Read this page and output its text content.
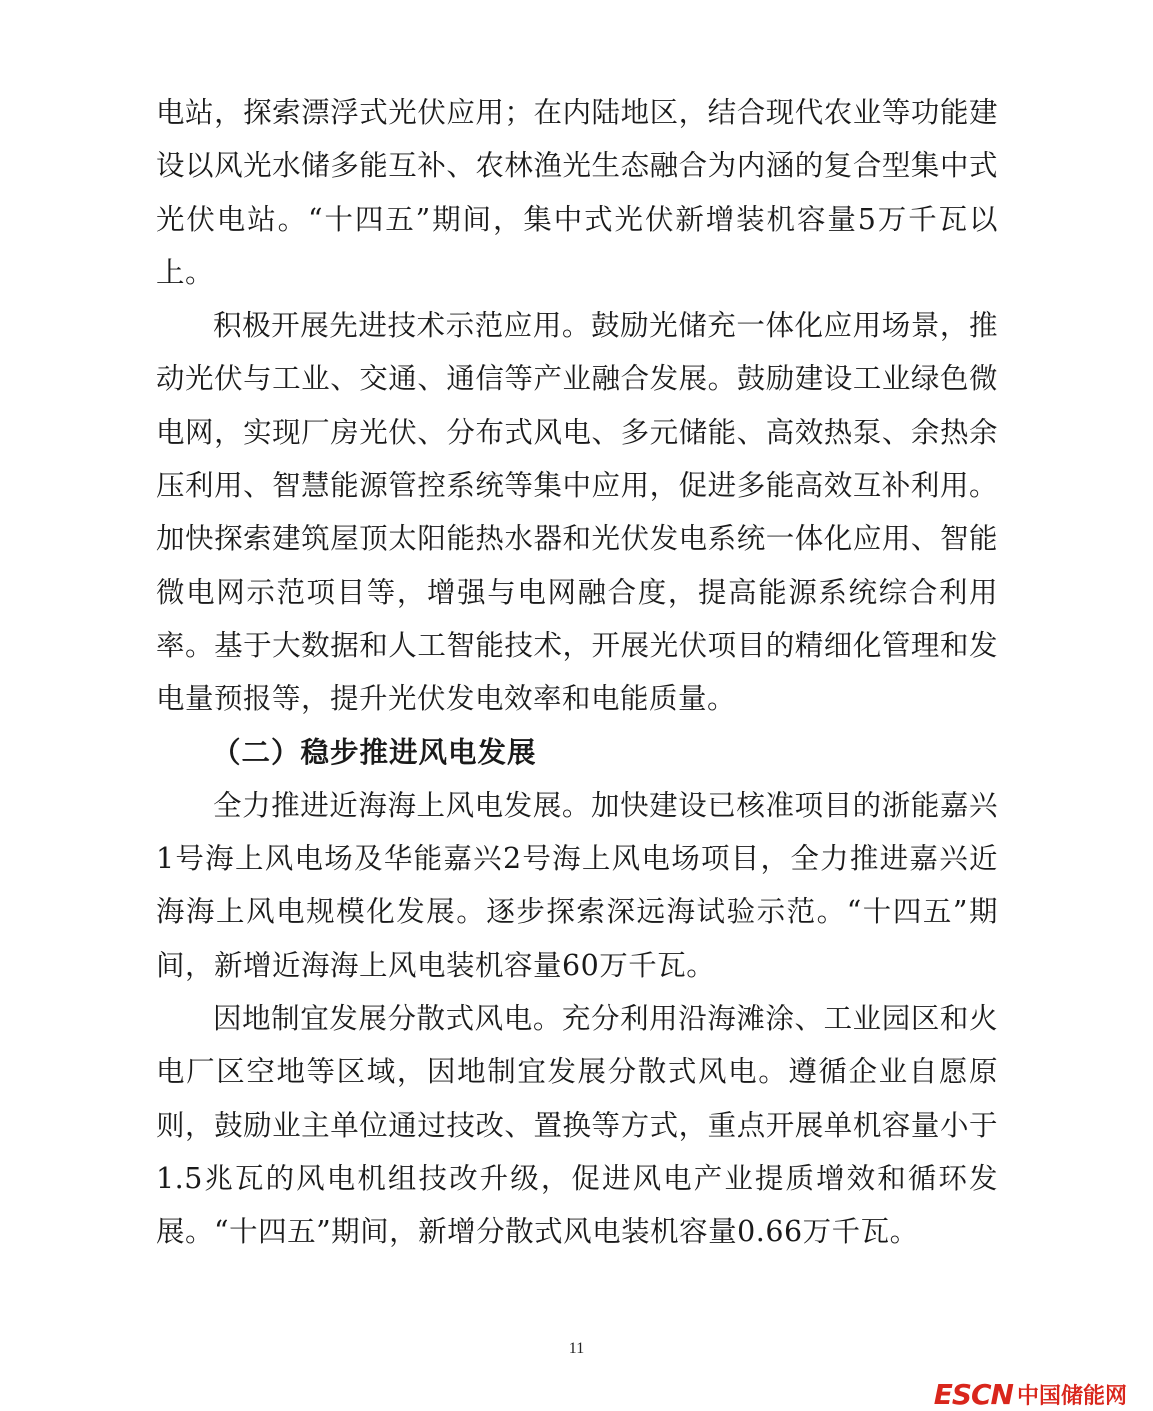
电站，探索漂浮式光伏应用；在内陆地区，结合现代农业等功能建设以风光水储多能互补、农林渔光生态融合为内涵的复合型集中式光伏电站。“十四五”期间，集中式光伏新增装机容量5万千瓦以上。

积极开展先进技术示范应用。鼓励光储充一体化应用场景，推动光伏与工业、交通、通信等产业融合发展。鼓励建设工业绿色微电网，实现厂房光伏、分布式风电、多元储能、高效热泵、余热余压利用、智慧能源管控系统等集中应用，促进多能高效互补利用。加快探索建筑屋顶太阳能热水器和光伏发电系统一体化应用、智能微电网示范项目等，增强与电网融合度，提高能源系统综合利用率。基于大数据和人工智能技术，开展光伏项目的精细化管理和发电量预报等，提升光伏发电效率和电能质量。

（二）稳步推进风电发展

全力推进近海海上风电发展。加快建设已核准项目的浙能嘉兴1号海上风电场及华能嘉兴2号海上风电场项目，全力推进嘉兴近海海上风电规模化发展。逐步探索深远海试验示范。“十四五”期间，新增近海海上风电装机容量60万千瓦。

因地制宜发展分散式风电。充分利用沿海滩涂、工业园区和火电厂区空地等区域，因地制宜发展分散式风电。遵循企业自愿原则，鼓励业主单位通过技改、置换等方式，重点开展单机容量小于1.5兆瓦的风电机组技改升级，促进风电产业提质增效和循环发展。“十四五”期间，新增分散式风电装机容量0.66万千瓦。

11
ESCN 中国储能网
